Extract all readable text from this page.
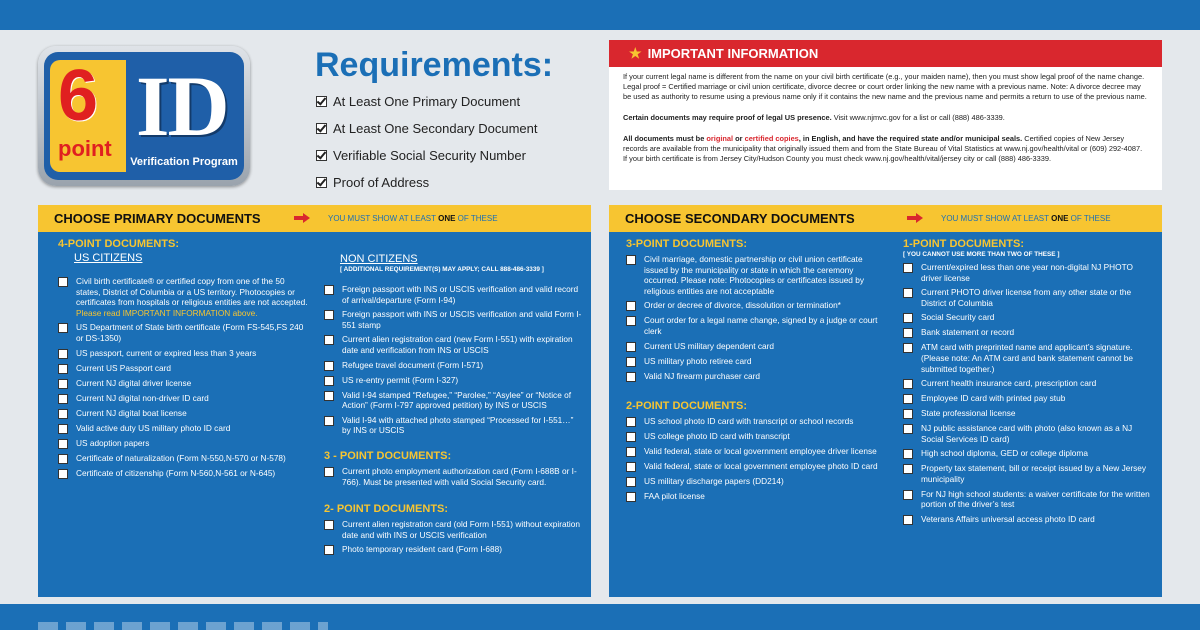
6
point ID
Verification Program
Requirements:
At Least One Primary Document
At Least One Secondary Document
Verifiable Social Security Number
Proof of Address
★ IMPORTANT INFORMATION

If your current legal name is different from the name on your civil birth certificate (e.g., your maiden name), then you must show legal proof of the name change. Legal proof = Certified marriage or civil union certificate, divorce decree or court order linking the new name with a previous name. Note: A divorce decree may be used as authority to resume using a previous name only if it contains the new name and the previous name and permits a return to use of the previous name.

Certain documents may require proof of legal US presence. Visit www.njmvc.gov for a list or call (888) 486-3339.

All documents must be original or certified copies, in English, and have the required state and/or municipal seals. Certified copies of New Jersey records are available from the municipality that originally issued them and from the State Bureau of Vital Statistics at www.nj.gov/health/vital or (609) 292-4087. If your birth certificate is from Jersey City/Hudson County you must check www.nj.gov/health/vital/jersey city or call (888) 486-3339.

CHOOSE PRIMARY DOCUMENTS	YOU MUST SHOW AT LEAST ONE OF THESE

4-POINT DOCUMENTS:

US CITIZENS

Civil birth certificate® or certified copy from one of the 50 states, District of Columbia or a US territory. Photocopies or certificates from hospitals or religious entities are not accepted.
Please read IMPORTANT INFORMATION above.
US Department of State birth certificate (Form FS-545,FS 240 or DS-1350)
US passport, current or expired less than 3 years
Current US Passport card
Current NJ digital driver license
Current NJ digital non-driver ID card
Current NJ digital boat license
Valid active duty US military photo ID card
US adoption papers
Certificate of naturalization (Form N-550,N-570 or N-578)
Certificate of citizenship (Form N-560,N-561 or N-645)

NON CITIZENS

[ ADDITIONAL REQUIREMENT(S) MAY APPLY; CALL 888-486-3339 ]

Foreign passport with INS or USCIS verification and valid record of arrival/departure (Form I-94)
Foreign passport with INS or USCIS verification and valid Form I-551 stamp
Current alien registration card (new Form I-551) with expiration date and verification from INS or USCIS
Refugee travel document (Form I-571)
US re-entry permit (Form I-327)
Valid I-94 stamped “Refugee,” “Parolee,” “Asylee” or “Notice of Action” (Form I-797 approved petition) by INS or USCIS
Valid I-94 with attached photo stamped “Processed for I-551…” by INS or USCIS

3 - POINT DOCUMENTS:

Current photo employment authorization card (Form I-688B or I-766). Must be presented with valid Social Security card.

2- POINT DOCUMENTS:

Current alien registration card (old Form I-551) without expiration date and with INS or USCIS verification
Photo temporary resident card (Form I-688)
CHOOSE SECONDARY DOCUMENTS	YOU MUST SHOW AT LEAST ONE OF THESE

3-POINT DOCUMENTS:

Civil marriage, domestic partnership or civil union certificate issued by the municipality or state in which the ceremony occurred. Please note: Photocopies or certificates issued by religious entities are not acceptable
Order or decree of divorce, dissolution or termination*
Court order for a legal name change, signed by a judge or court clerk
Current US military dependent card
US military photo retiree card
Valid NJ firearm purchaser card

2-POINT DOCUMENTS:

US school photo ID card with transcript or school records
US college photo ID card with transcript
Valid federal, state or local government employee driver license
Valid federal, state or local government employee photo ID card
US military discharge papers (DD214)
FAA pilot license

1-POINT DOCUMENTS:

[ YOU CANNOT USE MORE THAN TWO OF THESE ]

Current/expired less than one year non-digital NJ PHOTO driver license
Current PHOTO driver license from any other state or the District of Columbia
Social Security card
Bank statement or record
ATM card with preprinted name and applicant’s signature. (Please note: An ATM card and bank statement cannot be submitted together.)
Current health insurance card, prescription card
Employee ID card with printed pay stub
State professional license
NJ public assistance card with photo (also known as a NJ Social Services ID card)
High school diploma, GED or college diploma
Property tax statement, bill or receipt issued by a New Jersey municipality
For NJ high school students: a waiver certificate for the written portion of the driver’s test
Veterans Affairs universal access photo ID card
